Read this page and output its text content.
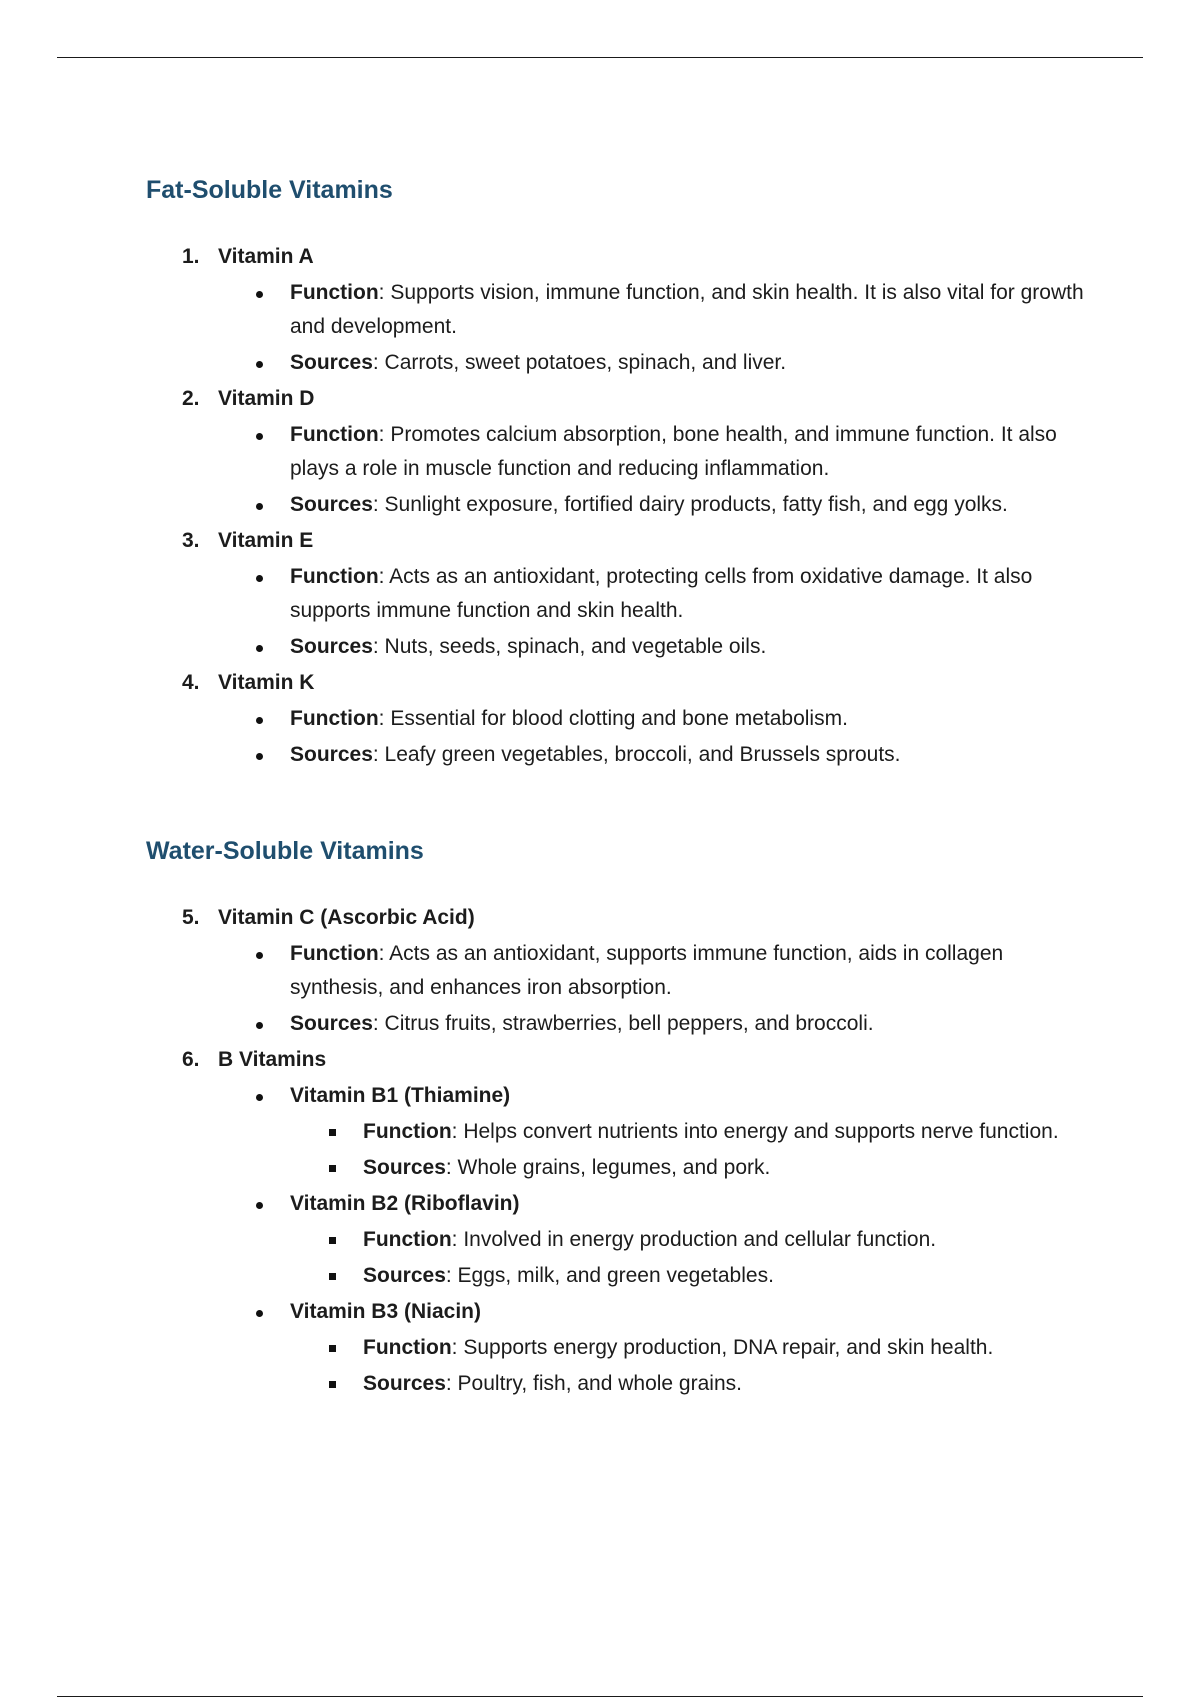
Fat-Soluble Vitamins
1. Vitamin A
Function: Supports vision, immune function, and skin health. It is also vital for growth and development.
Sources: Carrots, sweet potatoes, spinach, and liver.
2. Vitamin D
Function: Promotes calcium absorption, bone health, and immune function. It also plays a role in muscle function and reducing inflammation.
Sources: Sunlight exposure, fortified dairy products, fatty fish, and egg yolks.
3. Vitamin E
Function: Acts as an antioxidant, protecting cells from oxidative damage. It also supports immune function and skin health.
Sources: Nuts, seeds, spinach, and vegetable oils.
4. Vitamin K
Function: Essential for blood clotting and bone metabolism.
Sources: Leafy green vegetables, broccoli, and Brussels sprouts.
Water-Soluble Vitamins
5. Vitamin C (Ascorbic Acid)
Function: Acts as an antioxidant, supports immune function, aids in collagen synthesis, and enhances iron absorption.
Sources: Citrus fruits, strawberries, bell peppers, and broccoli.
6. B Vitamins
Vitamin B1 (Thiamine)
Function: Helps convert nutrients into energy and supports nerve function.
Sources: Whole grains, legumes, and pork.
Vitamin B2 (Riboflavin)
Function: Involved in energy production and cellular function.
Sources: Eggs, milk, and green vegetables.
Vitamin B3 (Niacin)
Function: Supports energy production, DNA repair, and skin health.
Sources: Poultry, fish, and whole grains.
